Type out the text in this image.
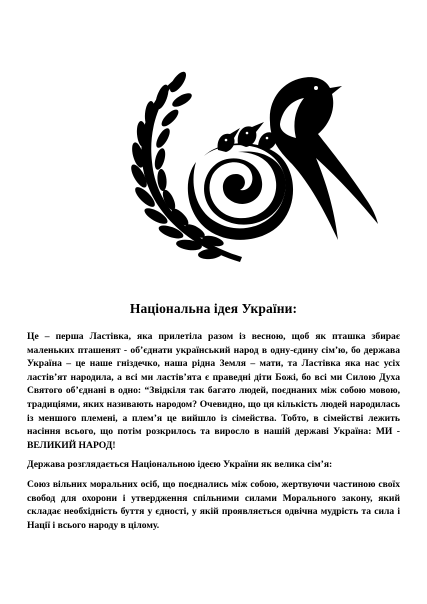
Національна ідея України:

Це – перша Ластівка, яка прилетіла разом із весною, щоб як пташка збирає маленьких пташенят - об’єднати український народ в одну-єдину сім’ю, бо держава Україна – це наше гніздечко, наша рідна Земля – мати, та Ластівка яка нас усіх ластів’ят народила, а всі ми ластів’ята є праведні діти Божі, бо всі ми Силою Духа Святого об’єднані в одно: “Звідкіля так багато людей, поєднаних між собою мовою, традиціями, яких називають народом? Очевидно, що ця кількість людей народилась із меншого племені, а плем’я це вийшло із сімейства. Тобто, в сімействі лежить насіння всього, що потім розкрилось та виросло в нашій державі Україна: МИ - ВЕЛИКИЙ НАРОД!

Держава розглядається Національною ідеєю України як велика сім’я:

Союз вільних моральних осіб, що поєднались між собою, жертвуючи частиною своїх свобод для охорони і утвердження спільними силами Морального закону, який складає необхідність буття у єдності, у якій проявляється одвічна мудрість та сила і Нації і всього народу в цілому.
